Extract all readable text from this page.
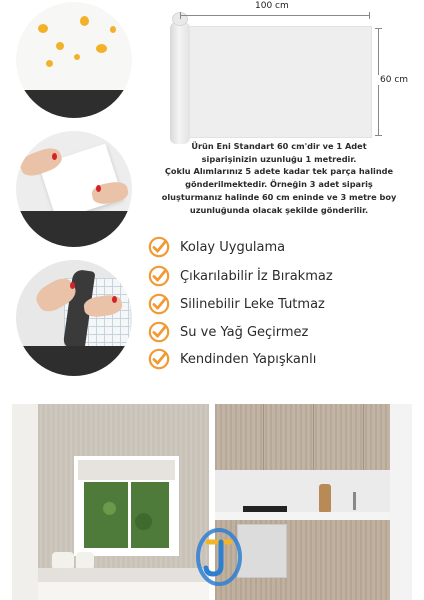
100 cm
60 cm
Ürün Eni Standart 60 cm'dir ve 1 Adet
siparişinizin uzunluğu 1 metredir.
Çoklu Alımlarınız 5 adete kadar tek parça halinde
gönderilmektedir. Örneğin 3 adet sipariş
oluşturmanız halinde 60 cm eninde ve 3 metre boy
uzunluğunda olacak şekilde gönderilir.
Kolay Uygulama
Çıkarılabilir İz Bırakmaz
Silinebilir Leke Tutmaz
Su ve Yağ Geçirmez
Kendinden Yapışkanlı
